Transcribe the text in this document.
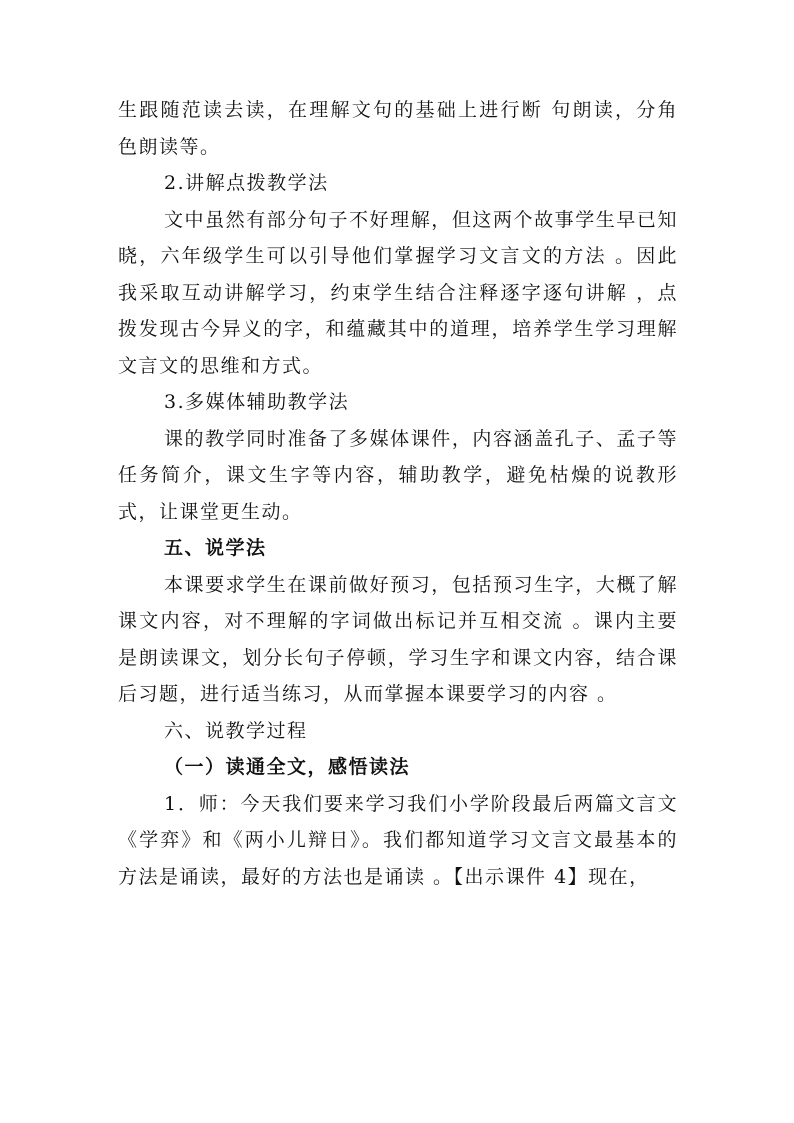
生跟随范读去读，在理解文句的基础上进行断 句朗读，分角色朗读等。

2.讲解点拨教学法

文中虽然有部分句子不好理解，但这两个故事学生早已知晓，六年级学生可以引导他们掌握学习文言文的方法 。因此我采取互动讲解学习，约束学生结合注释逐字逐句讲解 ，点拨发现古今异义的字，和蕴藏其中的道理，培养学生学习理解文言文的思维和方式。

3.多媒体辅助教学法

课的教学同时准备了多媒体课件，内容涵盖孔子、孟子等任务简介，课文生字等内容，辅助教学，避免枯燥的说教形式，让课堂更生动。

五、说学法

本课要求学生在课前做好预习，包括预习生字，大概了解课文内容，对不理解的字词做出标记并互相交流 。课内主要是朗读课文，划分长句子停顿，学习生字和课文内容，结合课后习题，进行适当练习，从而掌握本课要学习的内容 。

六、说教学过程

（一）读通全文，感悟读法

1．师：今天我们要来学习我们小学阶段最后两篇文言文《学弈》和《两小儿辩日》。我们都知道学习文言文最基本的方法是诵读，最好的方法也是诵读 。【出示课件 4】现在，
